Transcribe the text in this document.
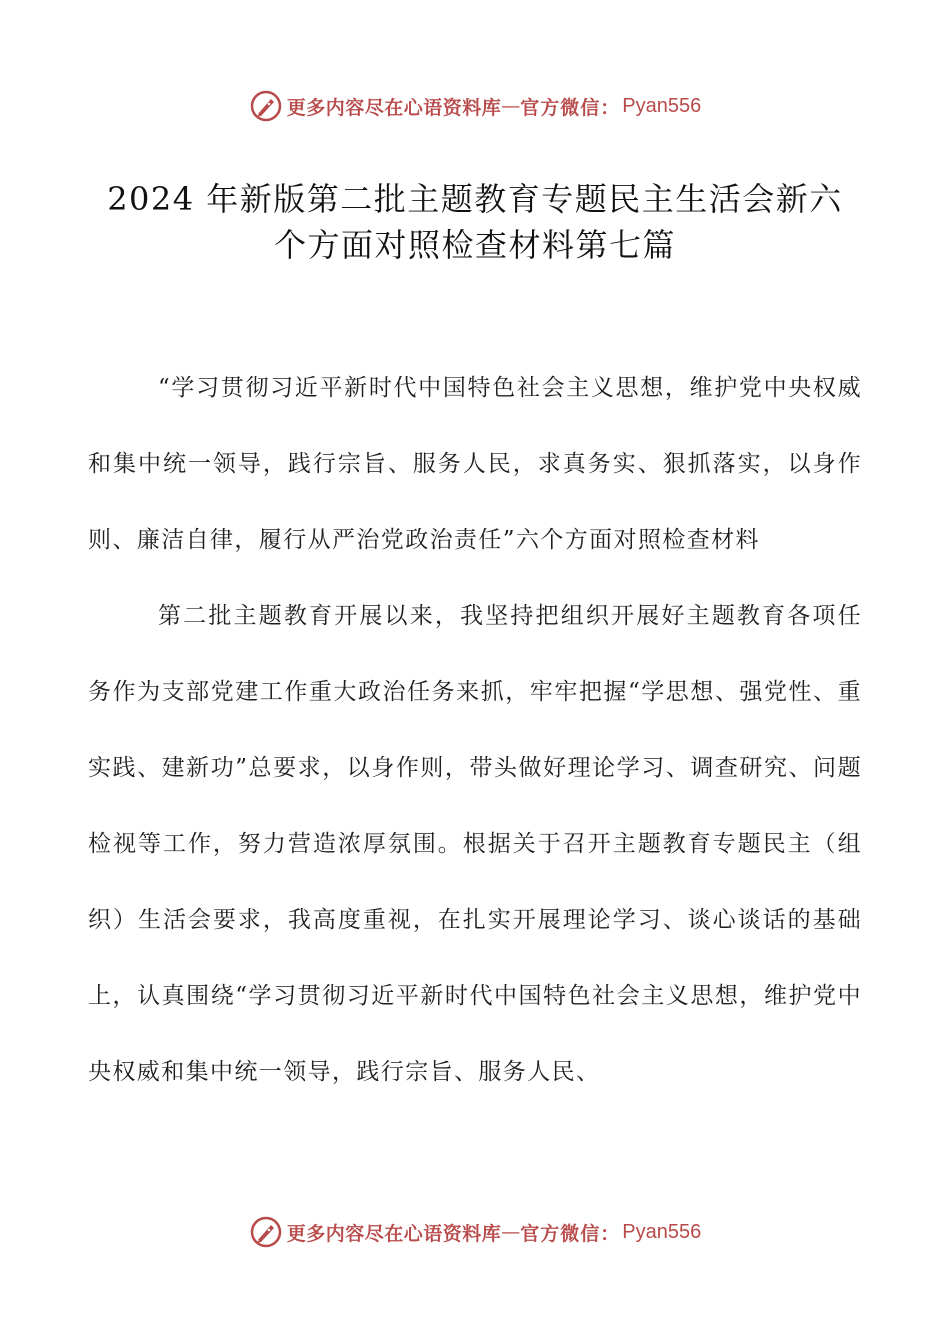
更多内容尽在心语资料库 — 官方微信： Pyan556
2024 年新版第二批主题教育专题民主生活会新六
个方面对照检查材料第七篇

“学习贯彻习近平新时代中国特色社会主义思想，维护党中央权威和集中统一领导，践行宗旨、服务人民，求真务实、狠抓落实，以身作则、廉洁自律，履行从严治党政治责任”六个方面对照检查材料

第二批主题教育开展以来，我坚持把组织开展好主题教育各项任务作为支部党建工作重大政治任务来抓，牢牢把握“学思想、强党性、重实践、建新功”总要求，以身作则，带头做好理论学习、调查研究、问题检视等工作，努力营造浓厚氛围。根据关于召开主题教育专题民主（组织）生活会要求，我高度重视，在扎实开展理论学习、谈心谈话的基础上，认真围绕“学习贯彻习近平新时代中国特色社会主义思想，维护党中央权威和集中统一领导，践行宗旨、服务人民、

更多内容尽在心语资料库 — 官方微信： Pyan556
